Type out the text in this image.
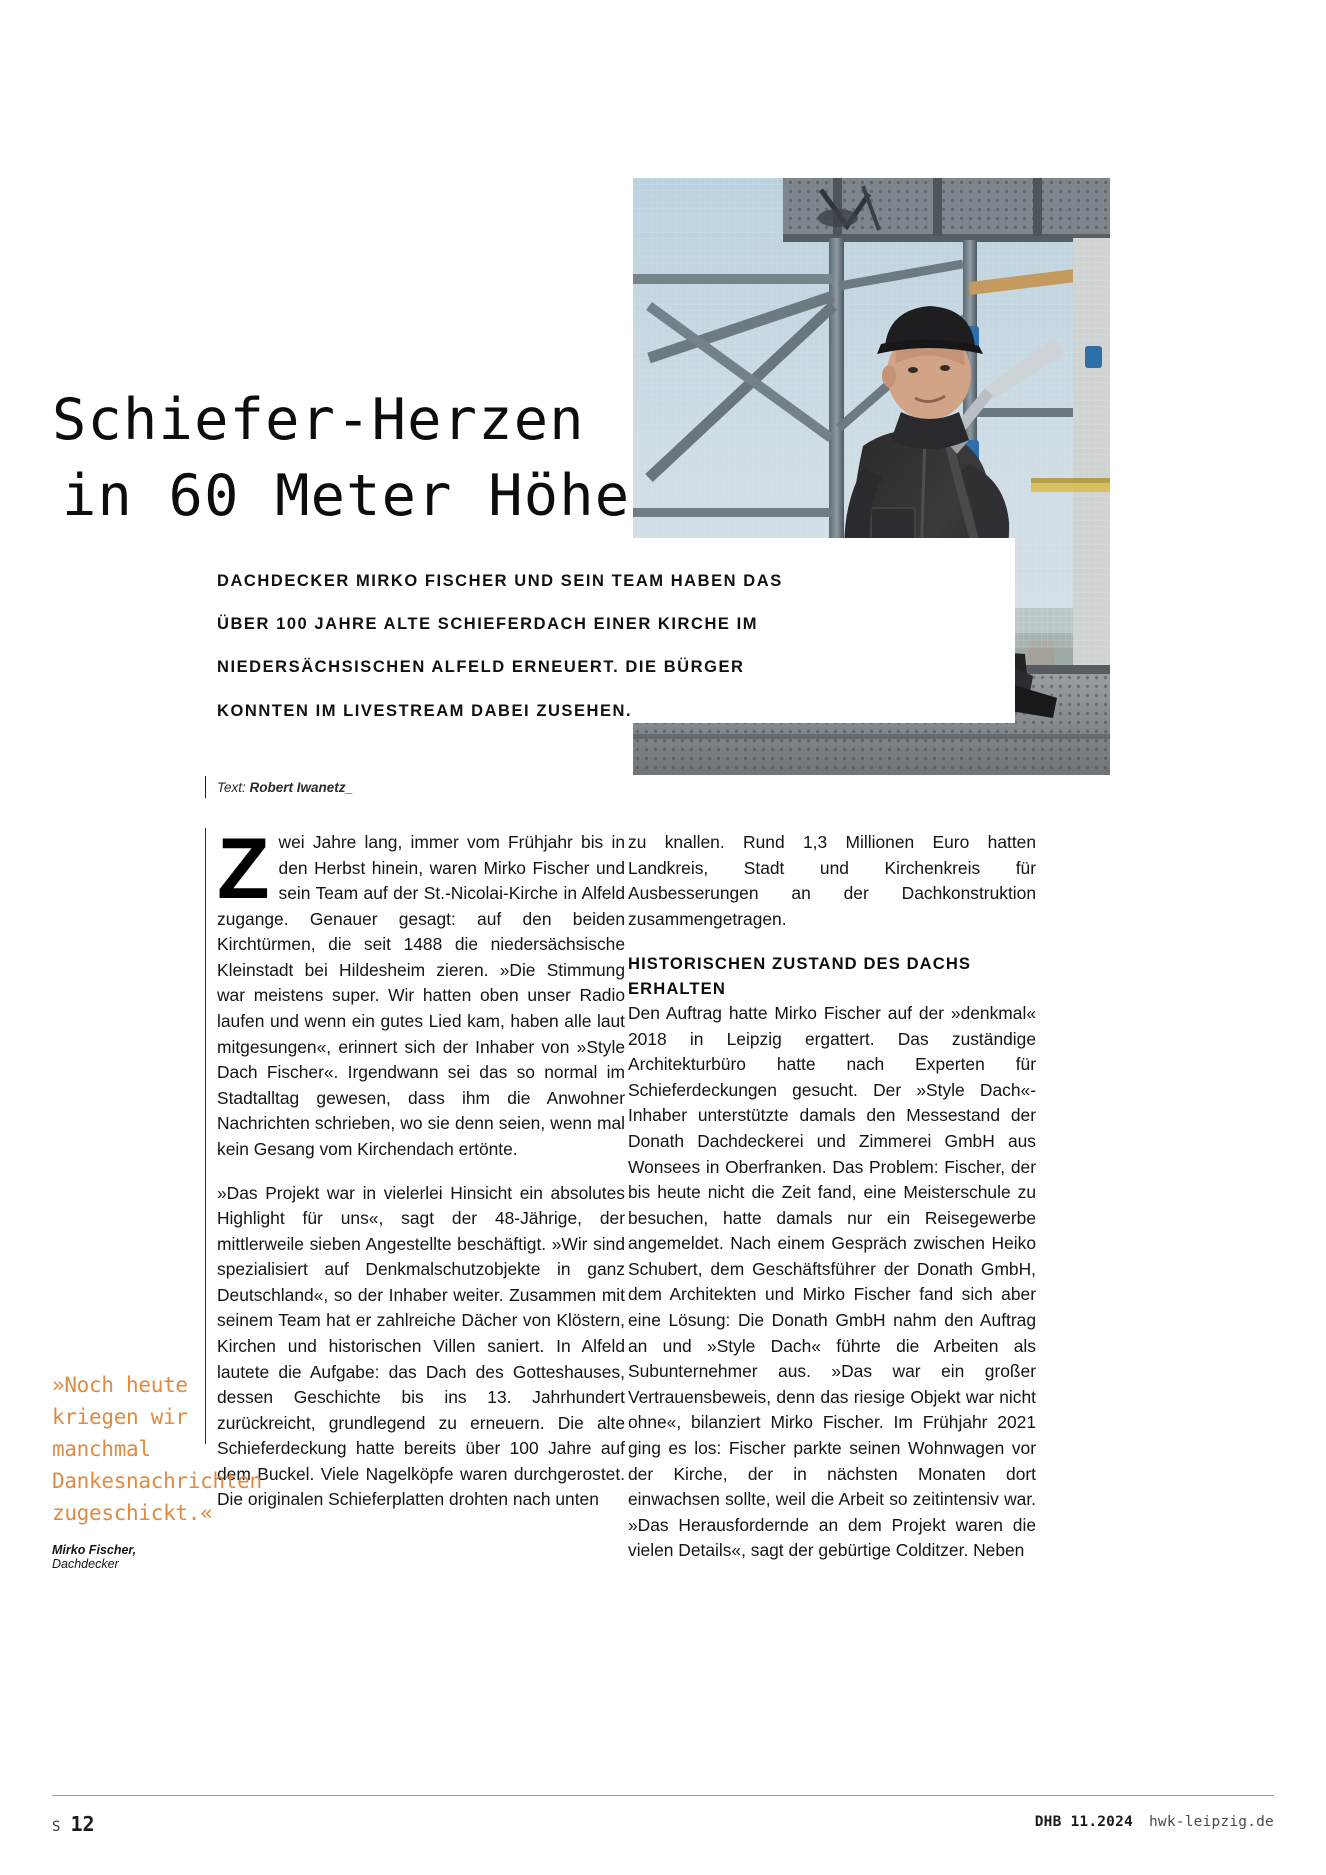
Schiefer-Herzen
in 60 Meter Höhe

DACHDECKER MIRKO FISCHER UND SEIN TEAM HABEN DAS

ÜBER 100 JAHRE ALTE SCHIEFERDACH EINER KIRCHE IM

NIEDERSÄCHSISCHEN ALFELD ERNEUERT. DIE BÜRGER

KONNTEN IM LIVESTREAM DABEI ZUSEHEN.

Text: Robert Iwanetz_

Zwei Jahre lang, immer vom Frühjahr bis in den Herbst hinein, waren Mirko Fischer und sein Team auf der St.-Nicolai-Kirche in Alfeld zugange. Genauer gesagt: auf den beiden Kirchtürmen, die seit 1488 die niedersächsische Kleinstadt bei Hildesheim zieren. »Die Stimmung war meistens super. Wir hatten oben unser Radio laufen und wenn ein gutes Lied kam, haben alle laut mitgesungen«, erinnert sich der Inhaber von »Style Dach Fischer«. Irgendwann sei das so normal im Stadtalltag gewesen, dass ihm die Anwohner Nachrichten schrieben, wo sie denn seien, wenn mal kein Gesang vom Kirchendach ertönte.

»Das Projekt war in vielerlei Hinsicht ein absolutes Highlight für uns«, sagt der 48-Jährige, der mittlerweile sieben Angestellte beschäftigt. »Wir sind spezialisiert auf Denkmalschutzobjekte in ganz Deutschland«, so der Inhaber weiter. Zusammen mit seinem Team hat er zahlreiche Dächer von Klöstern, Kirchen und historischen Villen saniert. In Alfeld lautete die Aufgabe: das Dach des Gotteshauses, dessen Geschichte bis ins 13. Jahrhundert zurückreicht, grundlegend zu erneuern. Die alte Schieferdeckung hatte bereits über 100 Jahre auf dem Buckel. Viele Nagelköpfe waren durchgerostet. Die originalen Schieferplatten drohten nach unten

zu knallen. Rund 1,3 Millionen Euro hatten Landkreis, Stadt und Kirchenkreis für Ausbesserungen an der Dachkonstruktion zusammengetragen.

HISTORISCHEN ZUSTAND DES DACHS ERHALTEN

Den Auftrag hatte Mirko Fischer auf der »denkmal« 2018 in Leipzig ergattert. Das zuständige Architekturbüro hatte nach Experten für Schieferdeckungen gesucht. Der »Style Dach«-Inhaber unterstützte damals den Messestand der Donath Dachdeckerei und Zimmerei GmbH aus Wonsees in Oberfranken. Das Problem: Fischer, der bis heute nicht die Zeit fand, eine Meisterschule zu besuchen, hatte damals nur ein Reisegewerbe angemeldet. Nach einem Gespräch zwischen Heiko Schubert, dem Geschäftsführer der Donath GmbH, dem Architekten und Mirko Fischer fand sich aber eine Lösung: Die Donath GmbH nahm den Auftrag an und »Style Dach« führte die Arbeiten als Subunternehmer aus. »Das war ein großer Vertrauensbeweis, denn das riesige Objekt war nicht ohne«, bilanziert Mirko Fischer. Im Frühjahr 2021 ging es los: Fischer parkte seinen Wohnwagen vor der Kirche, der in nächsten Monaten dort einwachsen sollte, weil die Arbeit so zeitintensiv war. »Das Herausfordernde an dem Projekt waren die vielen Details«, sagt der gebürtige Colditzer. Neben

»Noch heute kriegen wir manchmal Dankesnachrichten zugeschickt.«
Mirko Fischer, Dachdecker
S 12	DHB 11.2024 hwk-leipzig.de
